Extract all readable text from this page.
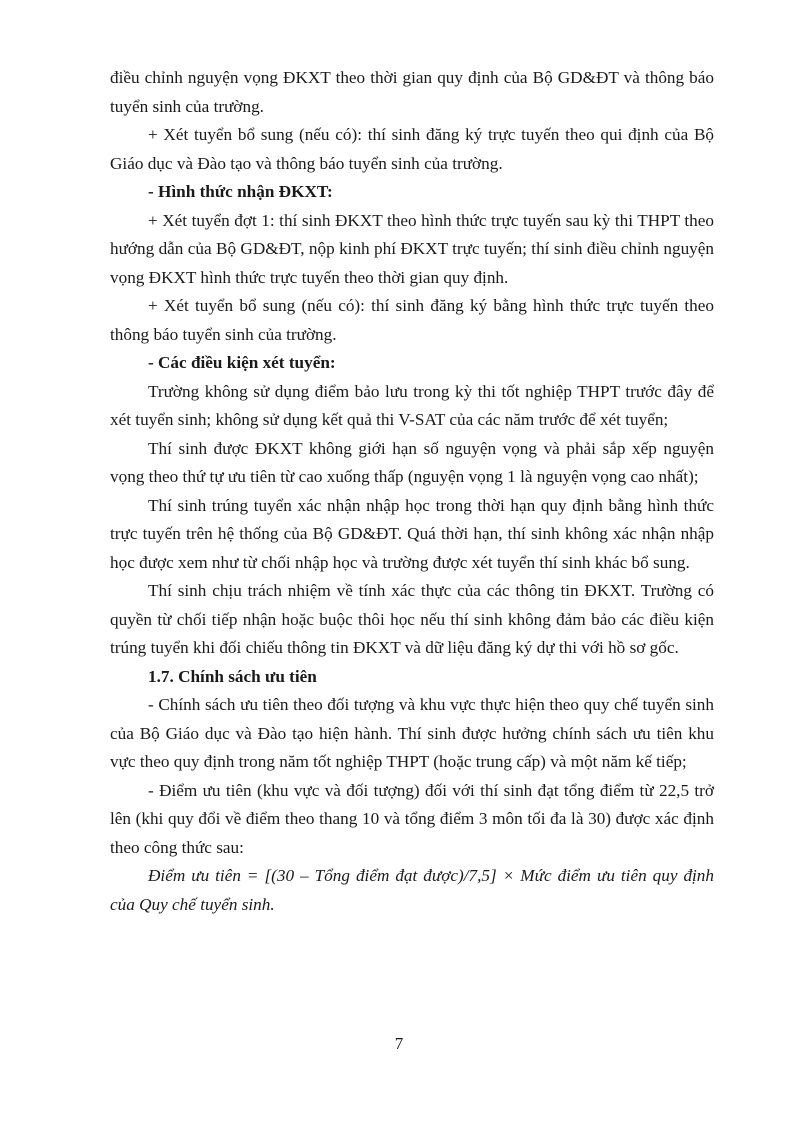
điều chỉnh nguyện vọng ĐKXT theo thời gian quy định của Bộ GD&ĐT và thông báo tuyển sinh của trường.

+ Xét tuyển bổ sung (nếu có): thí sinh đăng ký trực tuyến theo qui định của Bộ Giáo dục và Đào tạo và thông báo tuyển sinh của trường.

- Hình thức nhận ĐKXT:

+ Xét tuyển đợt 1: thí sinh ĐKXT theo hình thức trực tuyến sau kỳ thi THPT theo hướng dẫn của Bộ GD&ĐT, nộp kinh phí ĐKXT trực tuyến; thí sinh điều chỉnh nguyện vọng ĐKXT hình thức trực tuyến theo thời gian quy định.

+ Xét tuyển bổ sung (nếu có): thí sinh đăng ký bằng hình thức trực tuyến theo thông báo tuyển sinh của trường.

- Các điều kiện xét tuyển:

Trường không sử dụng điểm bảo lưu trong kỳ thi tốt nghiệp THPT trước đây để xét tuyển sinh; không sử dụng kết quả thi V-SAT của các năm trước để xét tuyển;

Thí sinh được ĐKXT không giới hạn số nguyện vọng và phải sắp xếp nguyện vọng theo thứ tự ưu tiên từ cao xuống thấp (nguyện vọng 1 là nguyện vọng cao nhất);

Thí sinh trúng tuyển xác nhận nhập học trong thời hạn quy định bằng hình thức trực tuyến trên hệ thống của Bộ GD&ĐT. Quá thời hạn, thí sinh không xác nhận nhập học được xem như từ chối nhập học và trường được xét tuyển thí sinh khác bổ sung.

Thí sinh chịu trách nhiệm về tính xác thực của các thông tin ĐKXT. Trường có quyền từ chối tiếp nhận hoặc buộc thôi học nếu thí sinh không đảm bảo các điều kiện trúng tuyển khi đối chiếu thông tin ĐKXT và dữ liệu đăng ký dự thi với hồ sơ gốc.

1.7. Chính sách ưu tiên

- Chính sách ưu tiên theo đối tượng và khu vực thực hiện theo quy chế tuyển sinh của Bộ Giáo dục và Đào tạo hiện hành. Thí sinh được hưởng chính sách ưu tiên khu vực theo quy định trong năm tốt nghiệp THPT (hoặc trung cấp) và một năm kế tiếp;

- Điểm ưu tiên (khu vực và đối tượng) đối với thí sinh đạt tổng điểm từ 22,5 trở lên (khi quy đổi về điểm theo thang 10 và tổng điểm 3 môn tối đa là 30) được xác định theo công thức sau:

Điểm ưu tiên = [(30 – Tổng điểm đạt được)/7,5] × Mức điểm ưu tiên quy định của Quy chế tuyển sinh.

7
